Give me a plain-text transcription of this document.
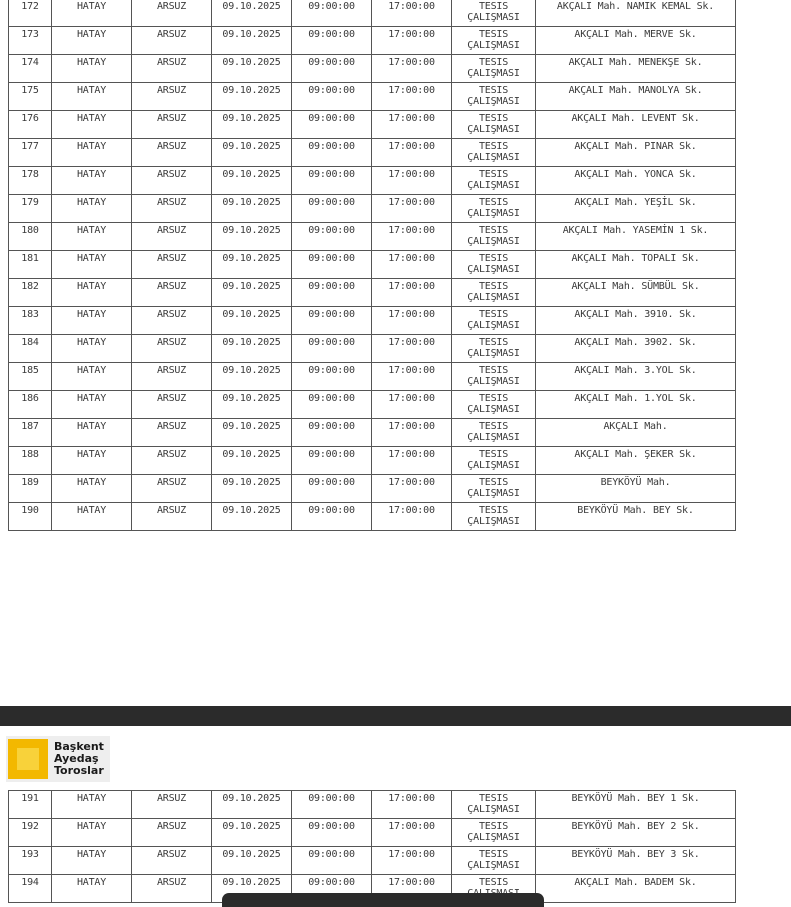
172	HATAY	ARSUZ	09.10.2025	09:00:00	17:00:00	TESIS
ÇALIŞMASI	AKÇALI Mah. NAMIK KEMAL Sk.
173	HATAY	ARSUZ	09.10.2025	09:00:00	17:00:00	TESIS
ÇALIŞMASI	AKÇALI Mah. MERVE Sk.
174	HATAY	ARSUZ	09.10.2025	09:00:00	17:00:00	TESIS
ÇALIŞMASI	AKÇALI Mah. MENEKŞE Sk.
175	HATAY	ARSUZ	09.10.2025	09:00:00	17:00:00	TESIS
ÇALIŞMASI	AKÇALI Mah. MANOLYA Sk.
176	HATAY	ARSUZ	09.10.2025	09:00:00	17:00:00	TESIS
ÇALIŞMASI	AKÇALI Mah. LEVENT Sk.
177	HATAY	ARSUZ	09.10.2025	09:00:00	17:00:00	TESIS
ÇALIŞMASI	AKÇALI Mah. PINAR Sk.
178	HATAY	ARSUZ	09.10.2025	09:00:00	17:00:00	TESIS
ÇALIŞMASI	AKÇALI Mah. YONCA Sk.
179	HATAY	ARSUZ	09.10.2025	09:00:00	17:00:00	TESIS
ÇALIŞMASI	AKÇALI Mah. YEŞİL Sk.
180	HATAY	ARSUZ	09.10.2025	09:00:00	17:00:00	TESIS
ÇALIŞMASI	AKÇALI Mah. YASEMİN 1 Sk.
181	HATAY	ARSUZ	09.10.2025	09:00:00	17:00:00	TESIS
ÇALIŞMASI	AKÇALI Mah. TOPALI Sk.
182	HATAY	ARSUZ	09.10.2025	09:00:00	17:00:00	TESIS
ÇALIŞMASI	AKÇALI Mah. SÜMBÜL Sk.
183	HATAY	ARSUZ	09.10.2025	09:00:00	17:00:00	TESIS
ÇALIŞMASI	AKÇALI Mah. 3910. Sk.
184	HATAY	ARSUZ	09.10.2025	09:00:00	17:00:00	TESIS
ÇALIŞMASI	AKÇALI Mah. 3902. Sk.
185	HATAY	ARSUZ	09.10.2025	09:00:00	17:00:00	TESIS
ÇALIŞMASI	AKÇALI Mah. 3.YOL Sk.
186	HATAY	ARSUZ	09.10.2025	09:00:00	17:00:00	TESIS
ÇALIŞMASI	AKÇALI Mah. 1.YOL Sk.
187	HATAY	ARSUZ	09.10.2025	09:00:00	17:00:00	TESIS
ÇALIŞMASI	AKÇALI Mah.
188	HATAY	ARSUZ	09.10.2025	09:00:00	17:00:00	TESIS
ÇALIŞMASI	AKÇALI Mah. ŞEKER Sk.
189	HATAY	ARSUZ	09.10.2025	09:00:00	17:00:00	TESIS
ÇALIŞMASI	BEYKÖYÜ Mah.
190	HATAY	ARSUZ	09.10.2025	09:00:00	17:00:00	TESIS
ÇALIŞMASI	BEYKÖYÜ Mah. BEY Sk.
Başkent
Ayedaş
Toroslar
191	HATAY	ARSUZ	09.10.2025	09:00:00	17:00:00	TESIS
ÇALIŞMASI	BEYKÖYÜ Mah. BEY 1 Sk.
192	HATAY	ARSUZ	09.10.2025	09:00:00	17:00:00	TESIS
ÇALIŞMASI	BEYKÖYÜ Mah. BEY 2 Sk.
193	HATAY	ARSUZ	09.10.2025	09:00:00	17:00:00	TESIS
ÇALIŞMASI	BEYKÖYÜ Mah. BEY 3 Sk.
194	HATAY	ARSUZ	09.10.2025	09:00:00	17:00:00	TESIS	AKÇALI Mah. BADEM Sk.
